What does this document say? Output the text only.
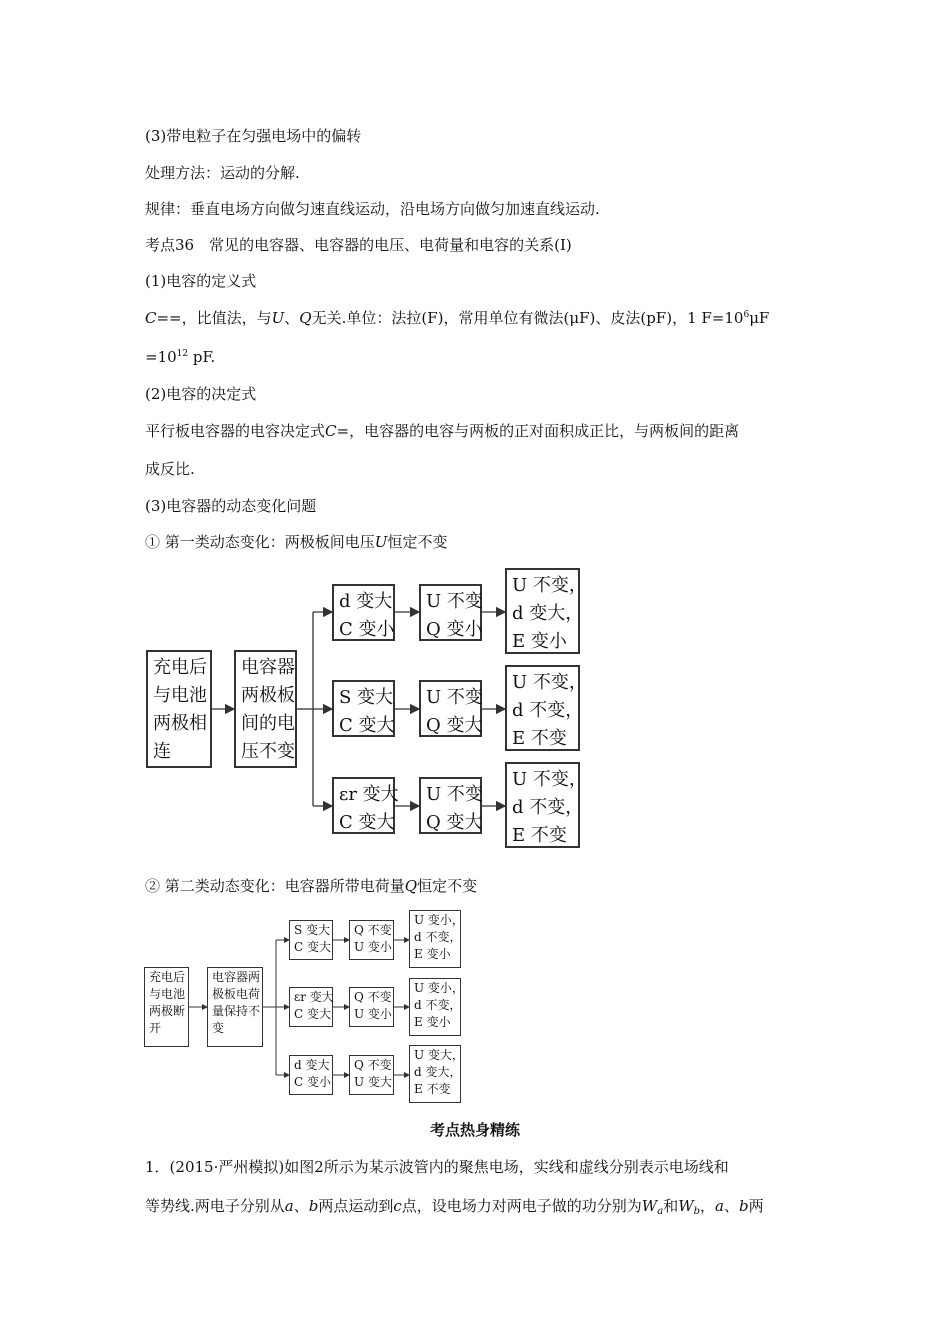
(3)带电粒子在匀强电场中的偏转
处理方法：运动的分解.
规律：垂直电场方向做匀速直线运动，沿电场方向做匀加速直线运动.
考点36　常见的电容器、电容器的电压、电荷量和电容的关系(Ⅰ)
(1)电容的定义式
C==，比值法，与U、Q无关.单位：法拉(F)，常用单位有微法(μF)、皮法(pF)，1 $F=10^6\mu F$
$=10^{12}$ pF.
(2)电容的决定式
平行板电容器的电容决定式C=，电容器的电容与两板的正对面积成正比，与两板间的距离
成反比.
(3)电容器的动态变化问题
① 第一类动态变化：两极板间电压U恒定不变
充电后
与电池
两极相
连
电容器
两极板
间的电
压不变
d 变大
C 变小
U 不变
Q 变小
U 不变，
d 变大，
E 变小
S 变大
C 变大
U 不变
Q 变大
U 不变，
d 不变，
E 不变
εr 变大
C 变大
U 不变
Q 变大
U 不变，
d 不变，
E 不变
② 第二类动态变化：电容器所带电荷量Q恒定不变
充电后
与电池
两极断
开
电容器两
极板电荷
量保持不
变
S 变大
C 变大
Q 不变
U 变小
U 变小，
d 不变，
E 变小
εr 变大
C 变大
Q 不变
U 变小
U 变小，
d 不变，
E 变小
d 变大
C 变小
Q 不变
U 变大
U 变大，
d 变大，
E 不变
考点热身精练
1．(2015·严州模拟)如图2所示为某示波管内的聚焦电场，实线和虚线分别表示电场线和
等势线.两电子分别从a、b两点运动到c点，设电场力对两电子做的功分别为$W_a$和$W_b$，a、b两
